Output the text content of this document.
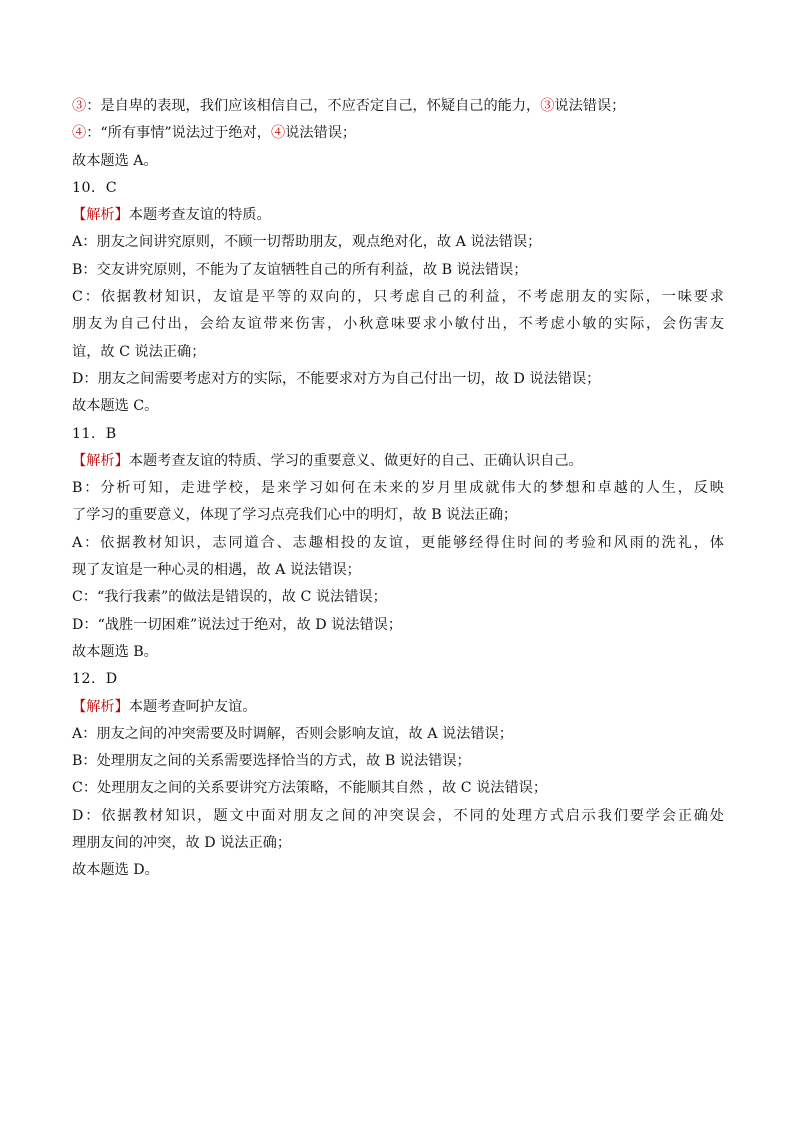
③：是自卑的表现，我们应该相信自己，不应否定自己，怀疑自己的能力，③说法错误；
④：“所有事情”说法过于绝对，④说法错误；
故本题选 A。
10．C
【解析】本题考查友谊的特质。
A：朋友之间讲究原则，不顾一切帮助朋友，观点绝对化，故 A 说法错误；
B：交友讲究原则，不能为了友谊牺牲自己的所有利益，故 B 说法错误；
C：依据教材知识，友谊是平等的双向的，只考虑自己的利益，不考虑朋友的实际，一味要求
朋友为自己付出，会给友谊带来伤害，小秋意味要求小敏付出，不考虑小敏的实际，会伤害友
谊，故 C 说法正确；
D：朋友之间需要考虑对方的实际，不能要求对方为自己付出一切，故 D 说法错误；
故本题选 C。
11．B
【解析】本题考查友谊的特质、学习的重要意义、做更好的自己、正确认识自己。
B：分析可知，走进学校，是来学习如何在未来的岁月里成就伟大的梦想和卓越的人生，反映
了学习的重要意义，体现了学习点亮我们心中的明灯，故 B 说法正确；
A：依据教材知识，志同道合、志趣相投的友谊，更能够经得住时间的考验和风雨的洗礼，体
现了友谊是一种心灵的相遇，故 A 说法错误；
C：“我行我素”的做法是错误的，故 C 说法错误；
D：“战胜一切困难”说法过于绝对，故 D 说法错误；
故本题选 B。
12．D
【解析】本题考查呵护友谊。
A：朋友之间的冲突需要及时调解，否则会影响友谊，故 A 说法错误；
B：处理朋友之间的关系需要选择恰当的方式，故 B 说法错误；
C：处理朋友之间的关系要讲究方法策略，不能顺其自然 ，故 C 说法错误；
D：依据教材知识，题文中面对朋友之间的冲突误会，不同的处理方式启示我们要学会正确处
理朋友间的冲突，故 D 说法正确；
故本题选 D。
